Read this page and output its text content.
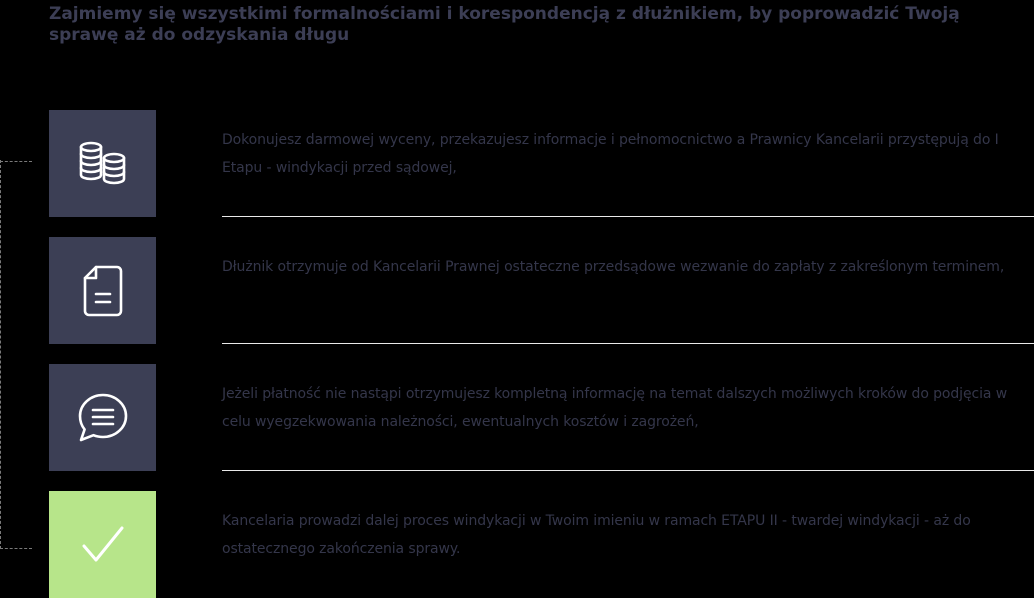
Zajmiemy się wszystkimi formalnościami i korespondencją z dłużnikiem, by poprowadzić Twoją sprawę aż do odzyskania długu

Dokonujesz darmowej wyceny, przekazujesz informacje i pełnomocnictwo a Prawnicy Kancelarii przystępują do I Etapu - windykacji przed sądowej,

Dłużnik otrzymuje od Kancelarii Prawnej ostateczne przedsądowe wezwanie do zapłaty z zakreślonym terminem,

Jeżeli płatność nie nastąpi otrzymujesz kompletną informację na temat dalszych możliwych kroków do podjęcia w celu wyegzekwowania należności, ewentualnych kosztów i zagrożeń,

Kancelaria prowadzi dalej proces windykacji w Twoim imieniu w ramach ETAPU II - twardej windykacji - aż do ostatecznego zakończenia sprawy.
